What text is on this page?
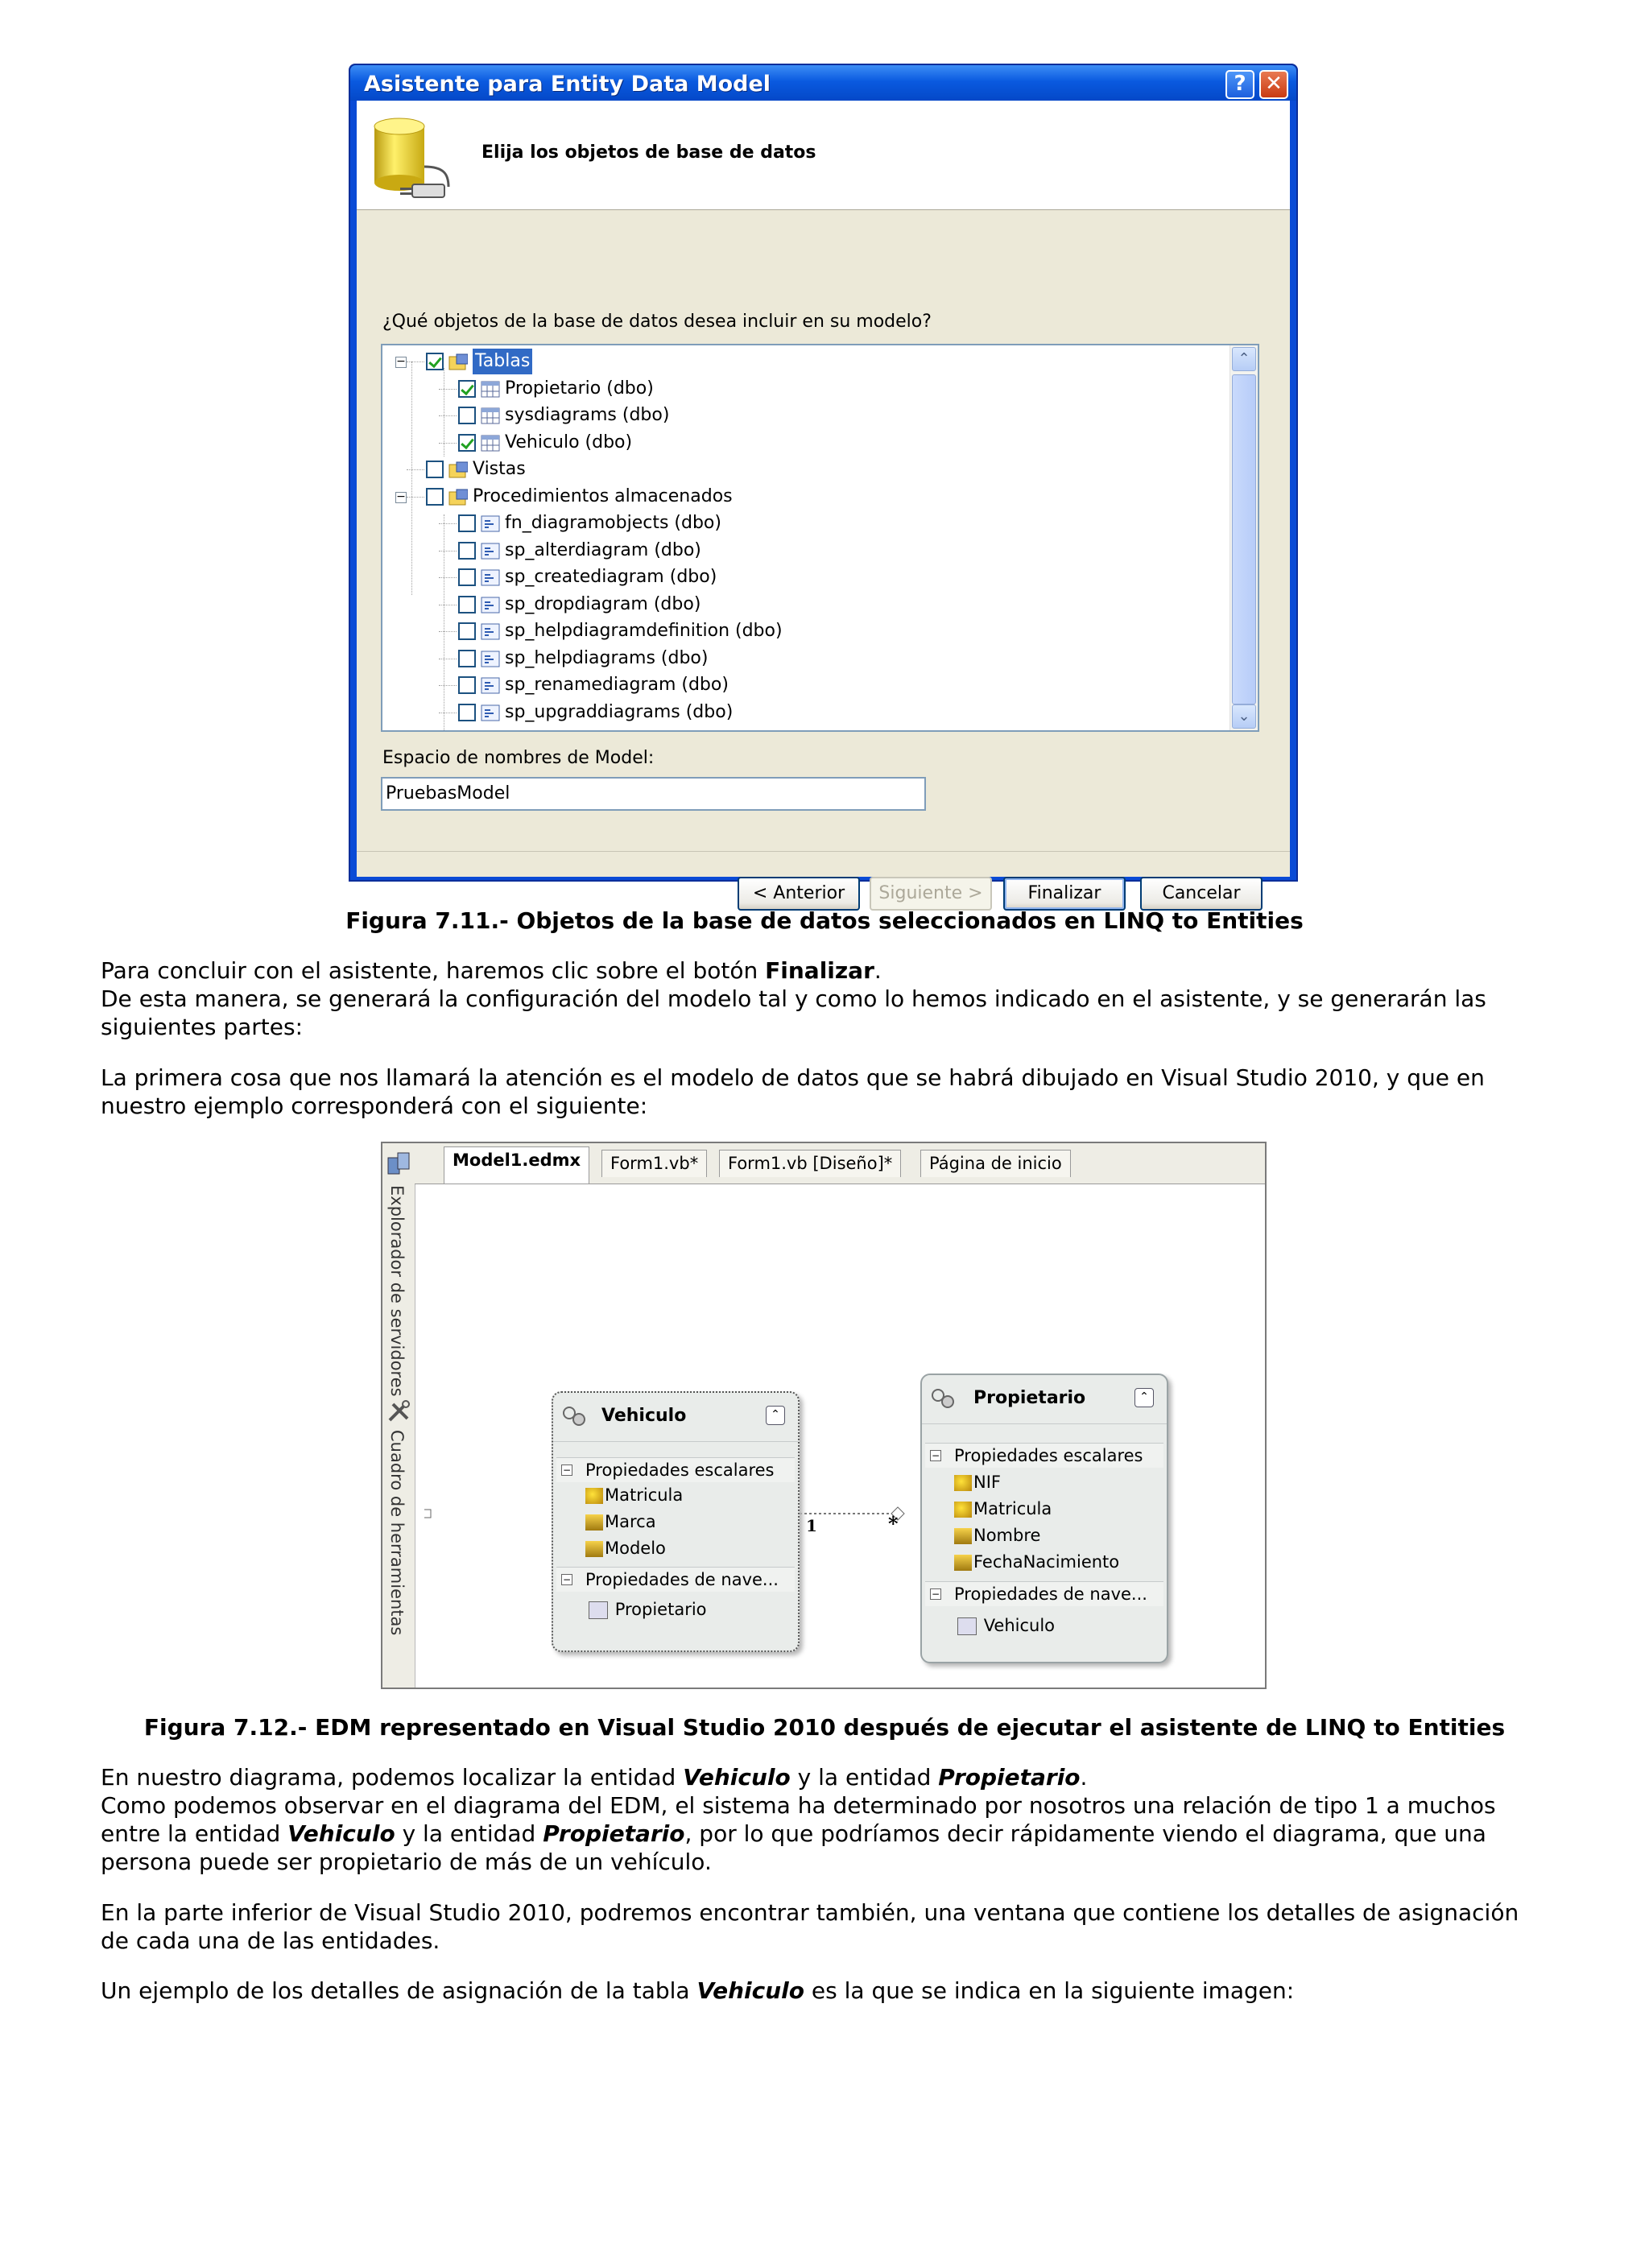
Asistente para Entity Data Model	? ✕
Elija los objetos de base de datos
¿Qué objetos de la base de datos desea incluir en su modelo?
−	Tablas
Propietario (dbo)
sysdiagrams (dbo)
Vehiculo (dbo)
Vistas
−	Procedimientos almacenados
fn_diagramobjects (dbo)
sp_alterdiagram (dbo)
sp_creatediagram (dbo)
sp_dropdiagram (dbo)
sp_helpdiagramdefinition (dbo)
sp_helpdiagrams (dbo)
sp_renamediagram (dbo)
sp_upgraddiagrams (dbo)
⌃
⌄
Espacio de nombres de Model:
PruebasModel
< Anterior	Siguiente >	Finalizar	Cancelar
Figura 7.11.- Objetos de la base de datos seleccionados en LINQ to Entities
Para concluir con el asistente, haremos clic sobre el botón Finalizar.
De esta manera, se generará la configuración del modelo tal y como lo hemos indicado en el asistente, y se generarán las siguientes partes:
La primera cosa que nos llamará la atención es el modelo de datos que se habrá dibujado en Visual Studio 2010, y que en nuestro ejemplo corresponderá con el siguiente:
Explorador de servidores
Cuadro de herramientas
Model1.edmx	Form1.vb*	Form1.vb [Diseño]*	Página de inicio
1	*
Vehiculo	⌃
− Propiedades escalares
Matricula
Marca
Modelo
− Propiedades de nave...
Propietario
Propietario	⌃
− Propiedades escalares
NIF
Matricula
Nombre
FechaNacimiento
− Propiedades de nave...
Vehiculo
Figura 7.12.- EDM representado en Visual Studio 2010 después de ejecutar el asistente de LINQ to Entities
En nuestro diagrama, podemos localizar la entidad Vehiculo y la entidad Propietario.
Como podemos observar en el diagrama del EDM, el sistema ha determinado por nosotros una relación de tipo 1 a muchos entre la entidad Vehiculo y la entidad Propietario, por lo que podríamos decir rápidamente viendo el diagrama, que una persona puede ser propietario de más de un vehículo.
En la parte inferior de Visual Studio 2010, podremos encontrar también, una ventana que contiene los detalles de asignación de cada una de las entidades.
Un ejemplo de los detalles de asignación de la tabla Vehiculo es la que se indica en la siguiente imagen:
